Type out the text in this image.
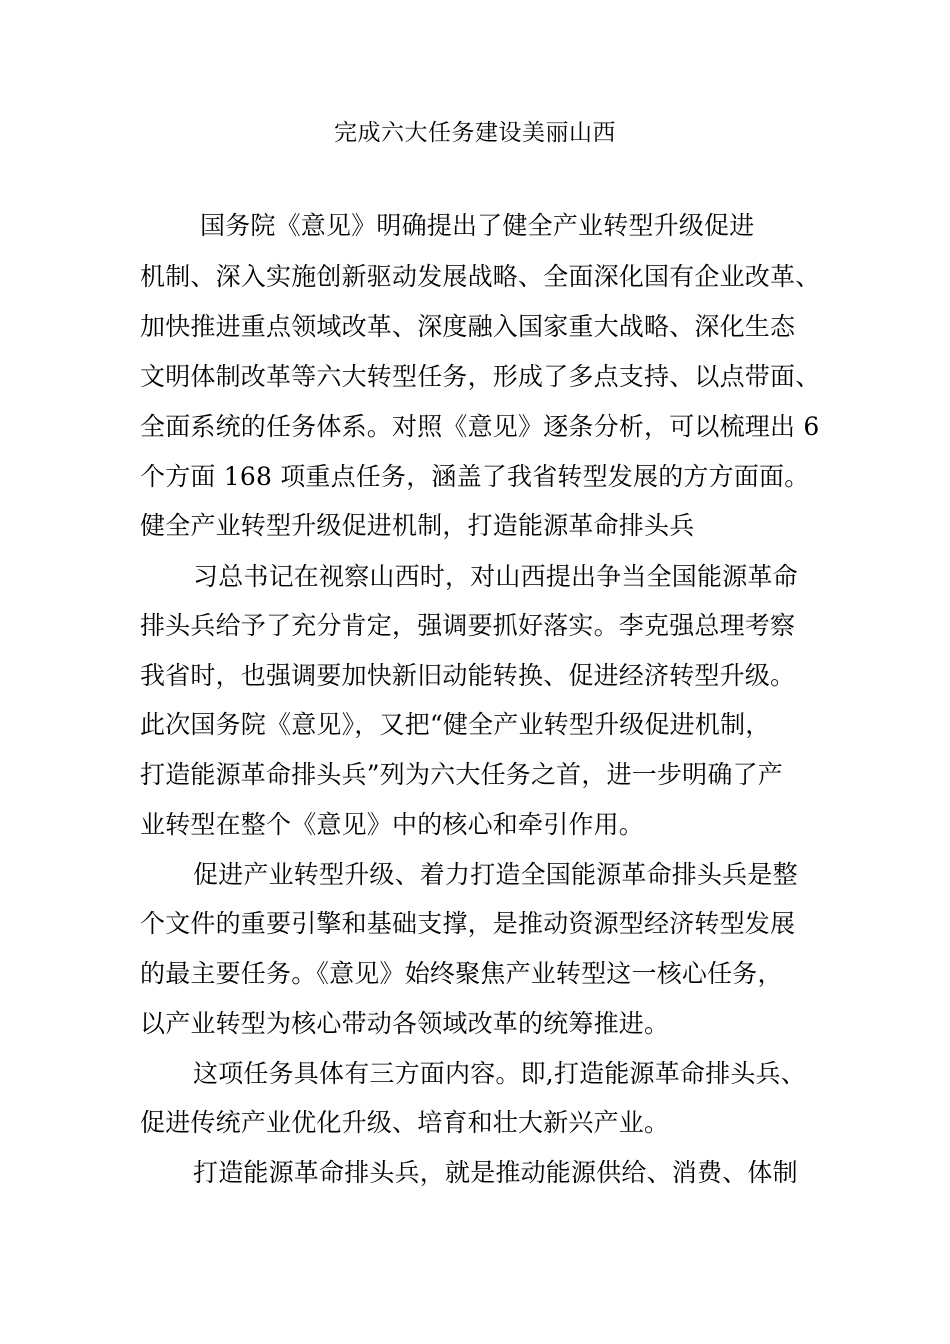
完成六大任务建设美丽山西
国务院《意见》明确提出了健全产业转型升级促进
机制、深入实施创新驱动发展战略、全面深化国有企业改革、
加快推进重点领域改革、深度融入国家重大战略、深化生态
文明体制改革等六大转型任务，形成了多点支持、以点带面、
全面系统的任务体系。对照《意见》逐条分析，可以梳理出 6
个方面 168 项重点任务，涵盖了我省转型发展的方方面面。
健全产业转型升级促进机制，打造能源革命排头兵
习总书记在视察山西时，对山西提出争当全国能源革命
排头兵给予了充分肯定，强调要抓好落实。李克强总理考察
我省时，也强调要加快新旧动能转换、促进经济转型升级。
此次国务院《意见》，又把“健全产业转型升级促进机制，
打造能源革命排头兵”列为六大任务之首，进一步明确了产
业转型在整个《意见》中的核心和牵引作用。
促进产业转型升级、着力打造全国能源革命排头兵是整
个文件的重要引擎和基础支撑，是推动资源型经济转型发展
的最主要任务。《意见》始终聚焦产业转型这一核心任务，
以产业转型为核心带动各领域改革的统筹推进。
这项任务具体有三方面内容。即,打造能源革命排头兵、
促进传统产业优化升级、培育和壮大新兴产业。
打造能源革命排头兵，就是推动能源供给、消费、体制
